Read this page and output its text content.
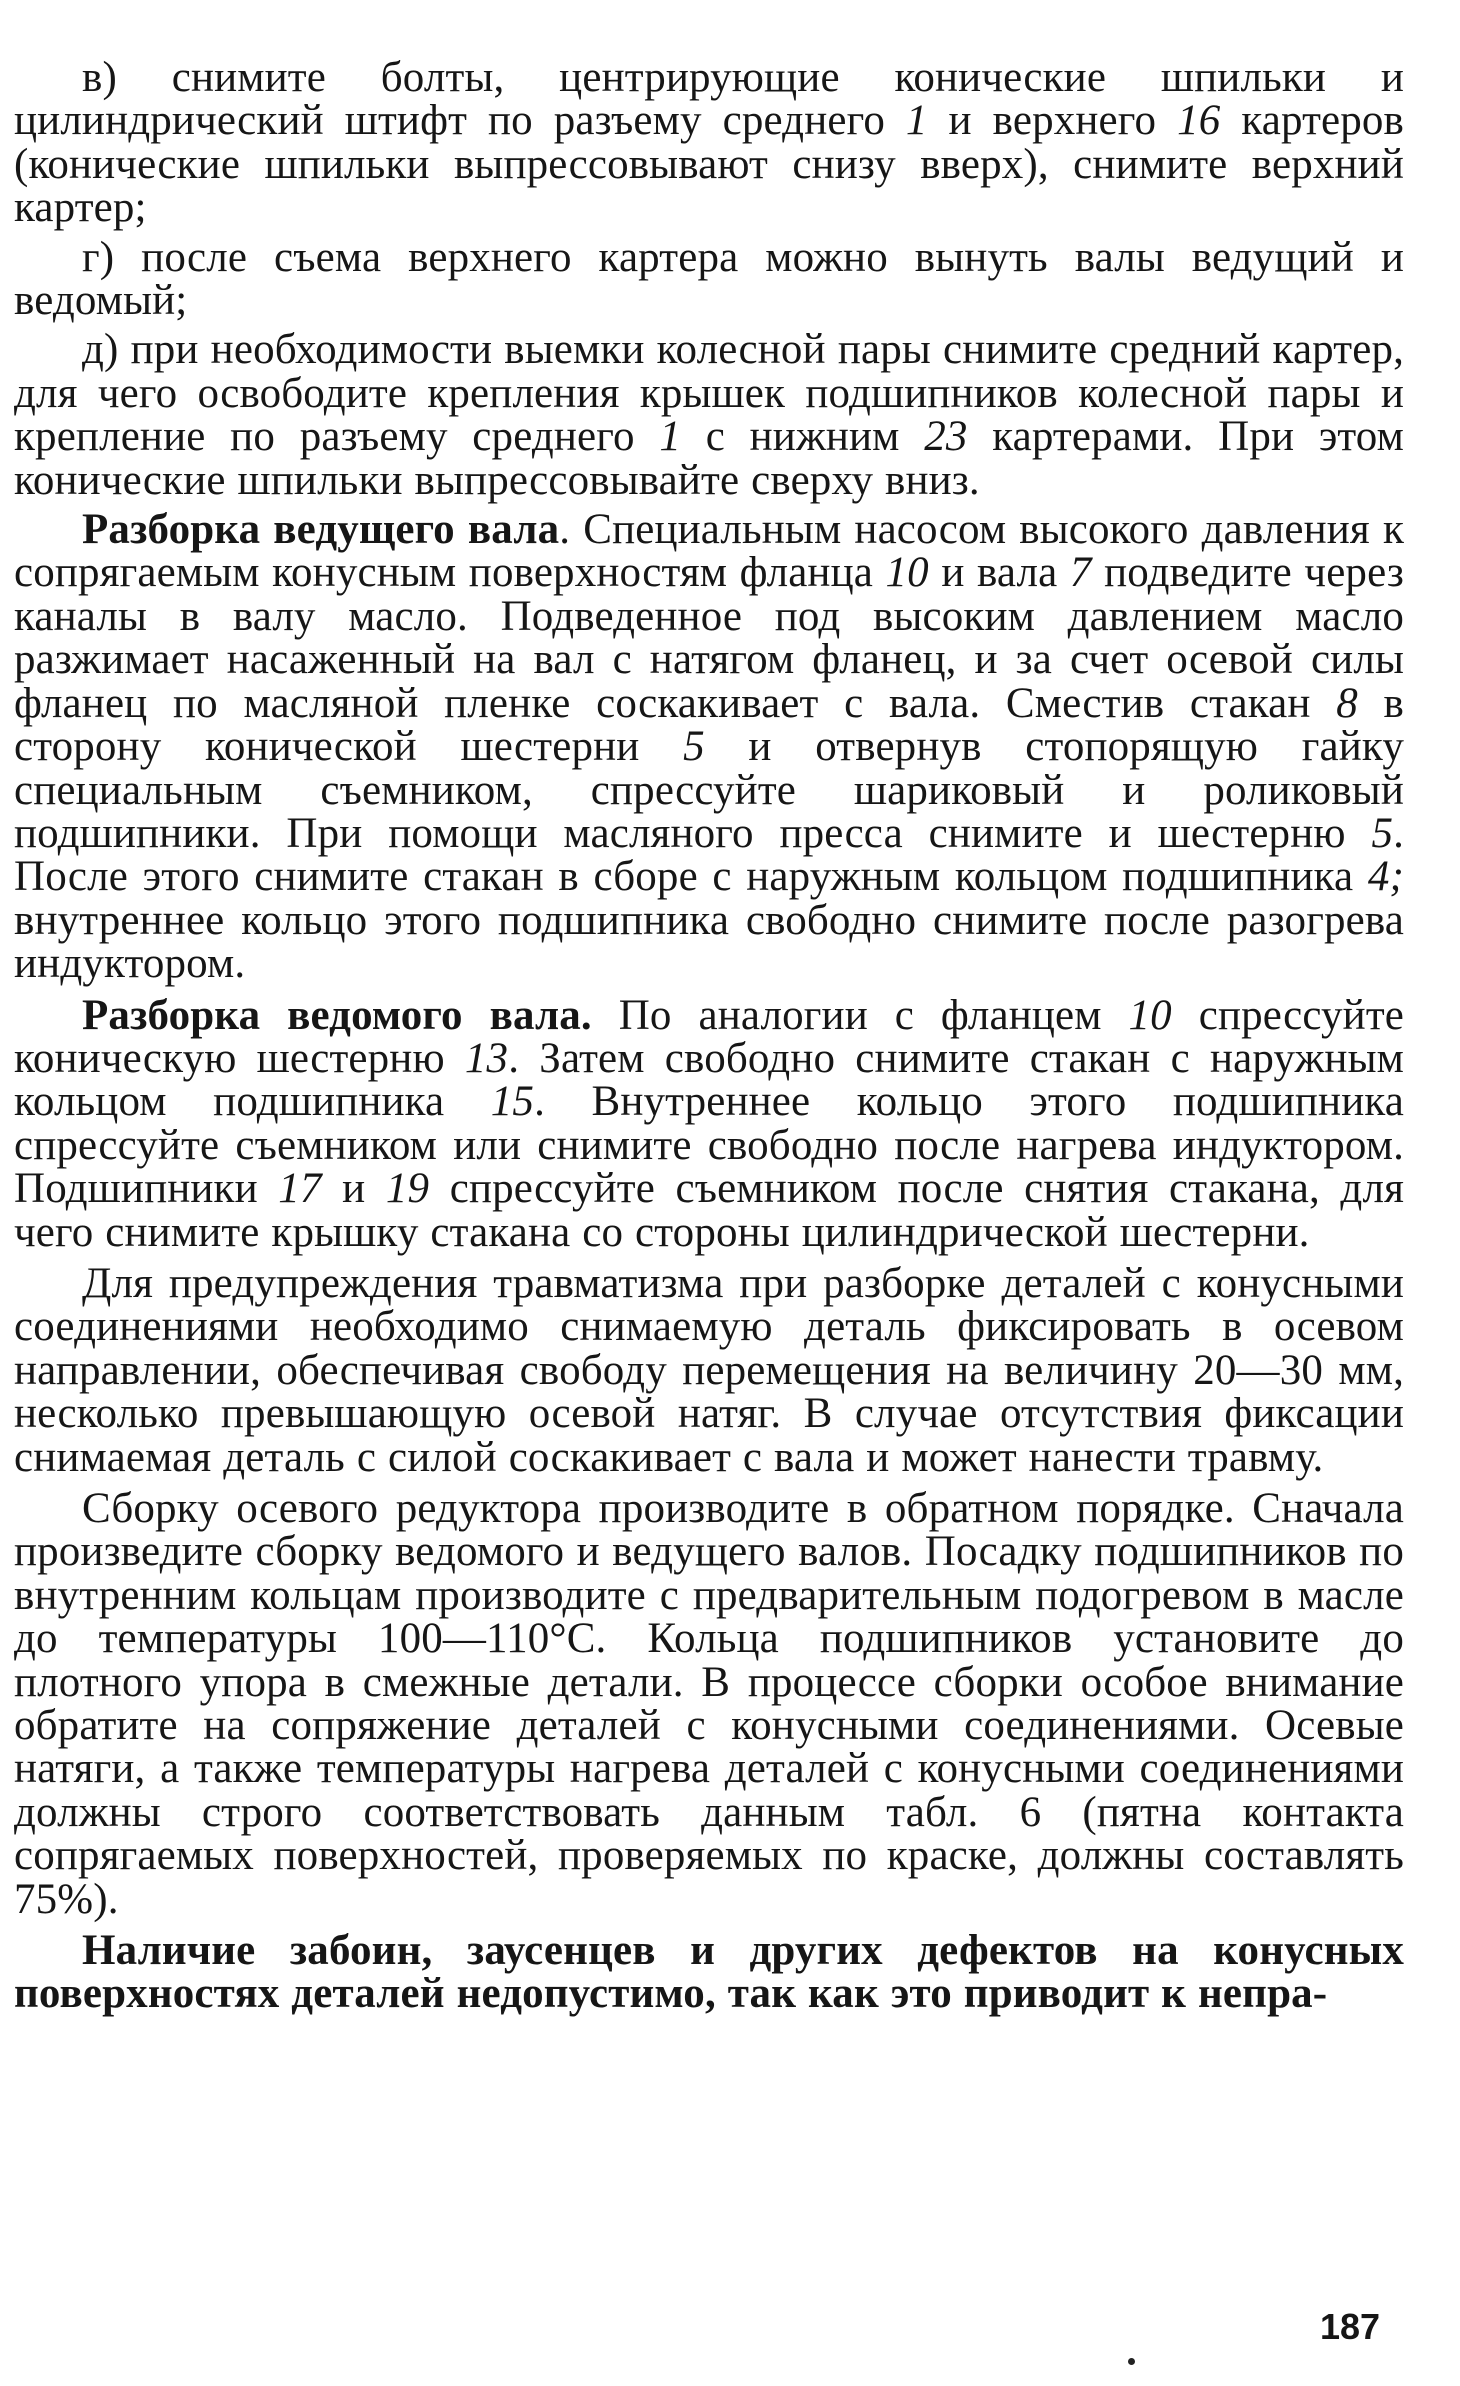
в) снимите болты, центрирующие конические шпильки и цилиндрический штифт по разъему среднего 1 и верхнего 16 картеров (конические шпильки выпрессовывают снизу вверх), снимите верхний картер;

г) после съема верхнего картера можно вынуть валы ведущий и ведомый;

д) при необходимости выемки колесной пары снимите средний картер, для чего освободите крепления крышек подшипников колесной пары и крепление по разъему среднего 1 с нижним 23 картерами. При этом конические шпильки выпрессовывайте сверху вниз.

Разборка ведущего вала. Специальным насосом высокого давления к сопрягаемым конусным поверхностям фланца 10 и вала 7 подведите через каналы в валу масло. Подведенное под высоким давлением масло разжимает насаженный на вал с натягом фланец, и за счет осевой силы фланец по масляной пленке соскакивает с вала. Сместив стакан 8 в сторону конической шестерни 5 и отвернув стопорящую гайку специальным съемником, спрессуйте шариковый и роликовый подшипники. При помощи масляного пресса снимите и шестерню 5. После этого снимите стакан в сборе с наружным кольцом подшипника 4; внутреннее кольцо этого подшипника свободно снимите после разогрева индуктором.

Разборка ведомого вала. По аналогии с фланцем 10 спрессуйте коническую шестерню 13. Затем свободно снимите стакан с наружным кольцом подшипника 15. Внутреннее кольцо этого подшипника спрессуйте съемником или снимите свободно после нагрева индуктором. Подшипники 17 и 19 спрессуйте съемником после снятия стакана, для чего снимите крышку стакана со стороны цилиндрической шестерни.

Для предупреждения травматизма при разборке деталей с конусными соединениями необходимо снимаемую деталь фиксировать в осевом направлении, обеспечивая свободу перемещения на величину 20—30 мм, несколько превышающую осевой натяг. В случае отсутствия фиксации снимаемая деталь с силой соскакивает с вала и может нанести травму.

Сборку осевого редуктора производите в обратном порядке. Сначала произведите сборку ведомого и ведущего валов. Посадку подшипников по внутренним кольцам производите с предварительным подогревом в масле до температуры 100—110°С. Кольца подшипников установите до плотного упора в смежные детали. В процессе сборки особое внимание обратите на сопряжение деталей с конусными соединениями. Осевые натяги, а также температуры нагрева деталей с конусными соединениями должны строго соответствовать данным табл. 6 (пятна контакта сопрягаемых поверхностей, проверяемых по краске, должны составлять 75%).

Наличие забоин, заусенцев и других дефектов на конусных поверхностях деталей недопустимо, так как это приводит к непра-

187
